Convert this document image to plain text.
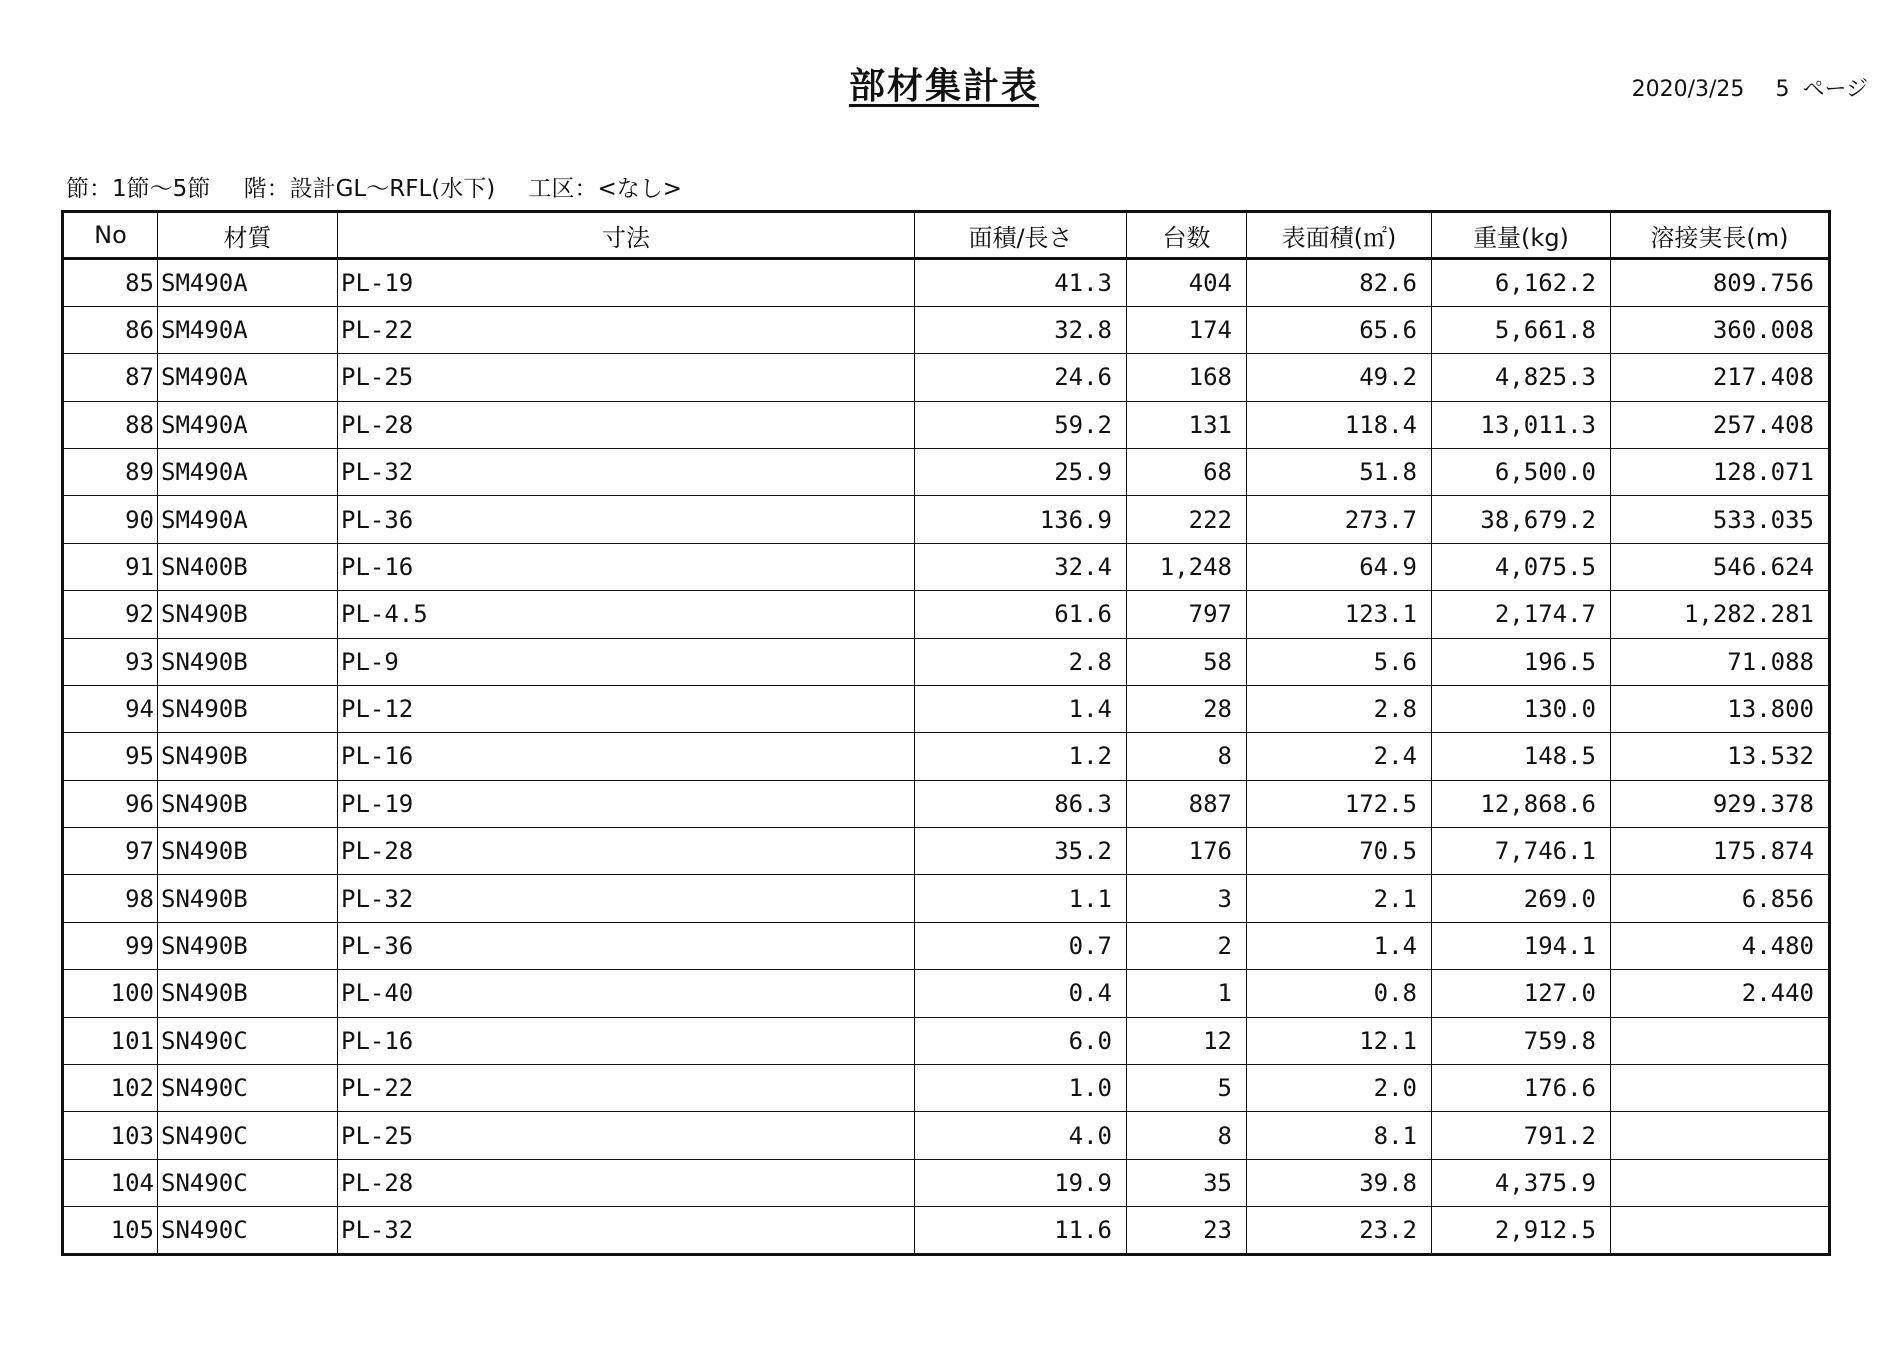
部材集計表	2020/3/25 5 ページ
節：1節～5節 階：設計GL～RFL(水下) 工区：<なし>
No	材質	寸法	面積/長さ	台数	表面積(㎡)	重量(kg)	溶接実長(m)
85	SM490A	PL-19	41.3	404	82.6	6,162.2	809.756
86	SM490A	PL-22	32.8	174	65.6	5,661.8	360.008
87	SM490A	PL-25	24.6	168	49.2	4,825.3	217.408
88	SM490A	PL-28	59.2	131	118.4	13,011.3	257.408
89	SM490A	PL-32	25.9	68	51.8	6,500.0	128.071
90	SM490A	PL-36	136.9	222	273.7	38,679.2	533.035
91	SN400B	PL-16	32.4	1,248	64.9	4,075.5	546.624
92	SN490B	PL-4.5	61.6	797	123.1	2,174.7	1,282.281
93	SN490B	PL-9	2.8	58	5.6	196.5	71.088
94	SN490B	PL-12	1.4	28	2.8	130.0	13.800
95	SN490B	PL-16	1.2	8	2.4	148.5	13.532
96	SN490B	PL-19	86.3	887	172.5	12,868.6	929.378
97	SN490B	PL-28	35.2	176	70.5	7,746.1	175.874
98	SN490B	PL-32	1.1	3	2.1	269.0	6.856
99	SN490B	PL-36	0.7	2	1.4	194.1	4.480
100	SN490B	PL-40	0.4	1	0.8	127.0	2.440
101	SN490C	PL-16	6.0	12	12.1	759.8	
102	SN490C	PL-22	1.0	5	2.0	176.6	
103	SN490C	PL-25	4.0	8	8.1	791.2	
104	SN490C	PL-28	19.9	35	39.8	4,375.9	
105	SN490C	PL-32	11.6	23	23.2	2,912.5	
